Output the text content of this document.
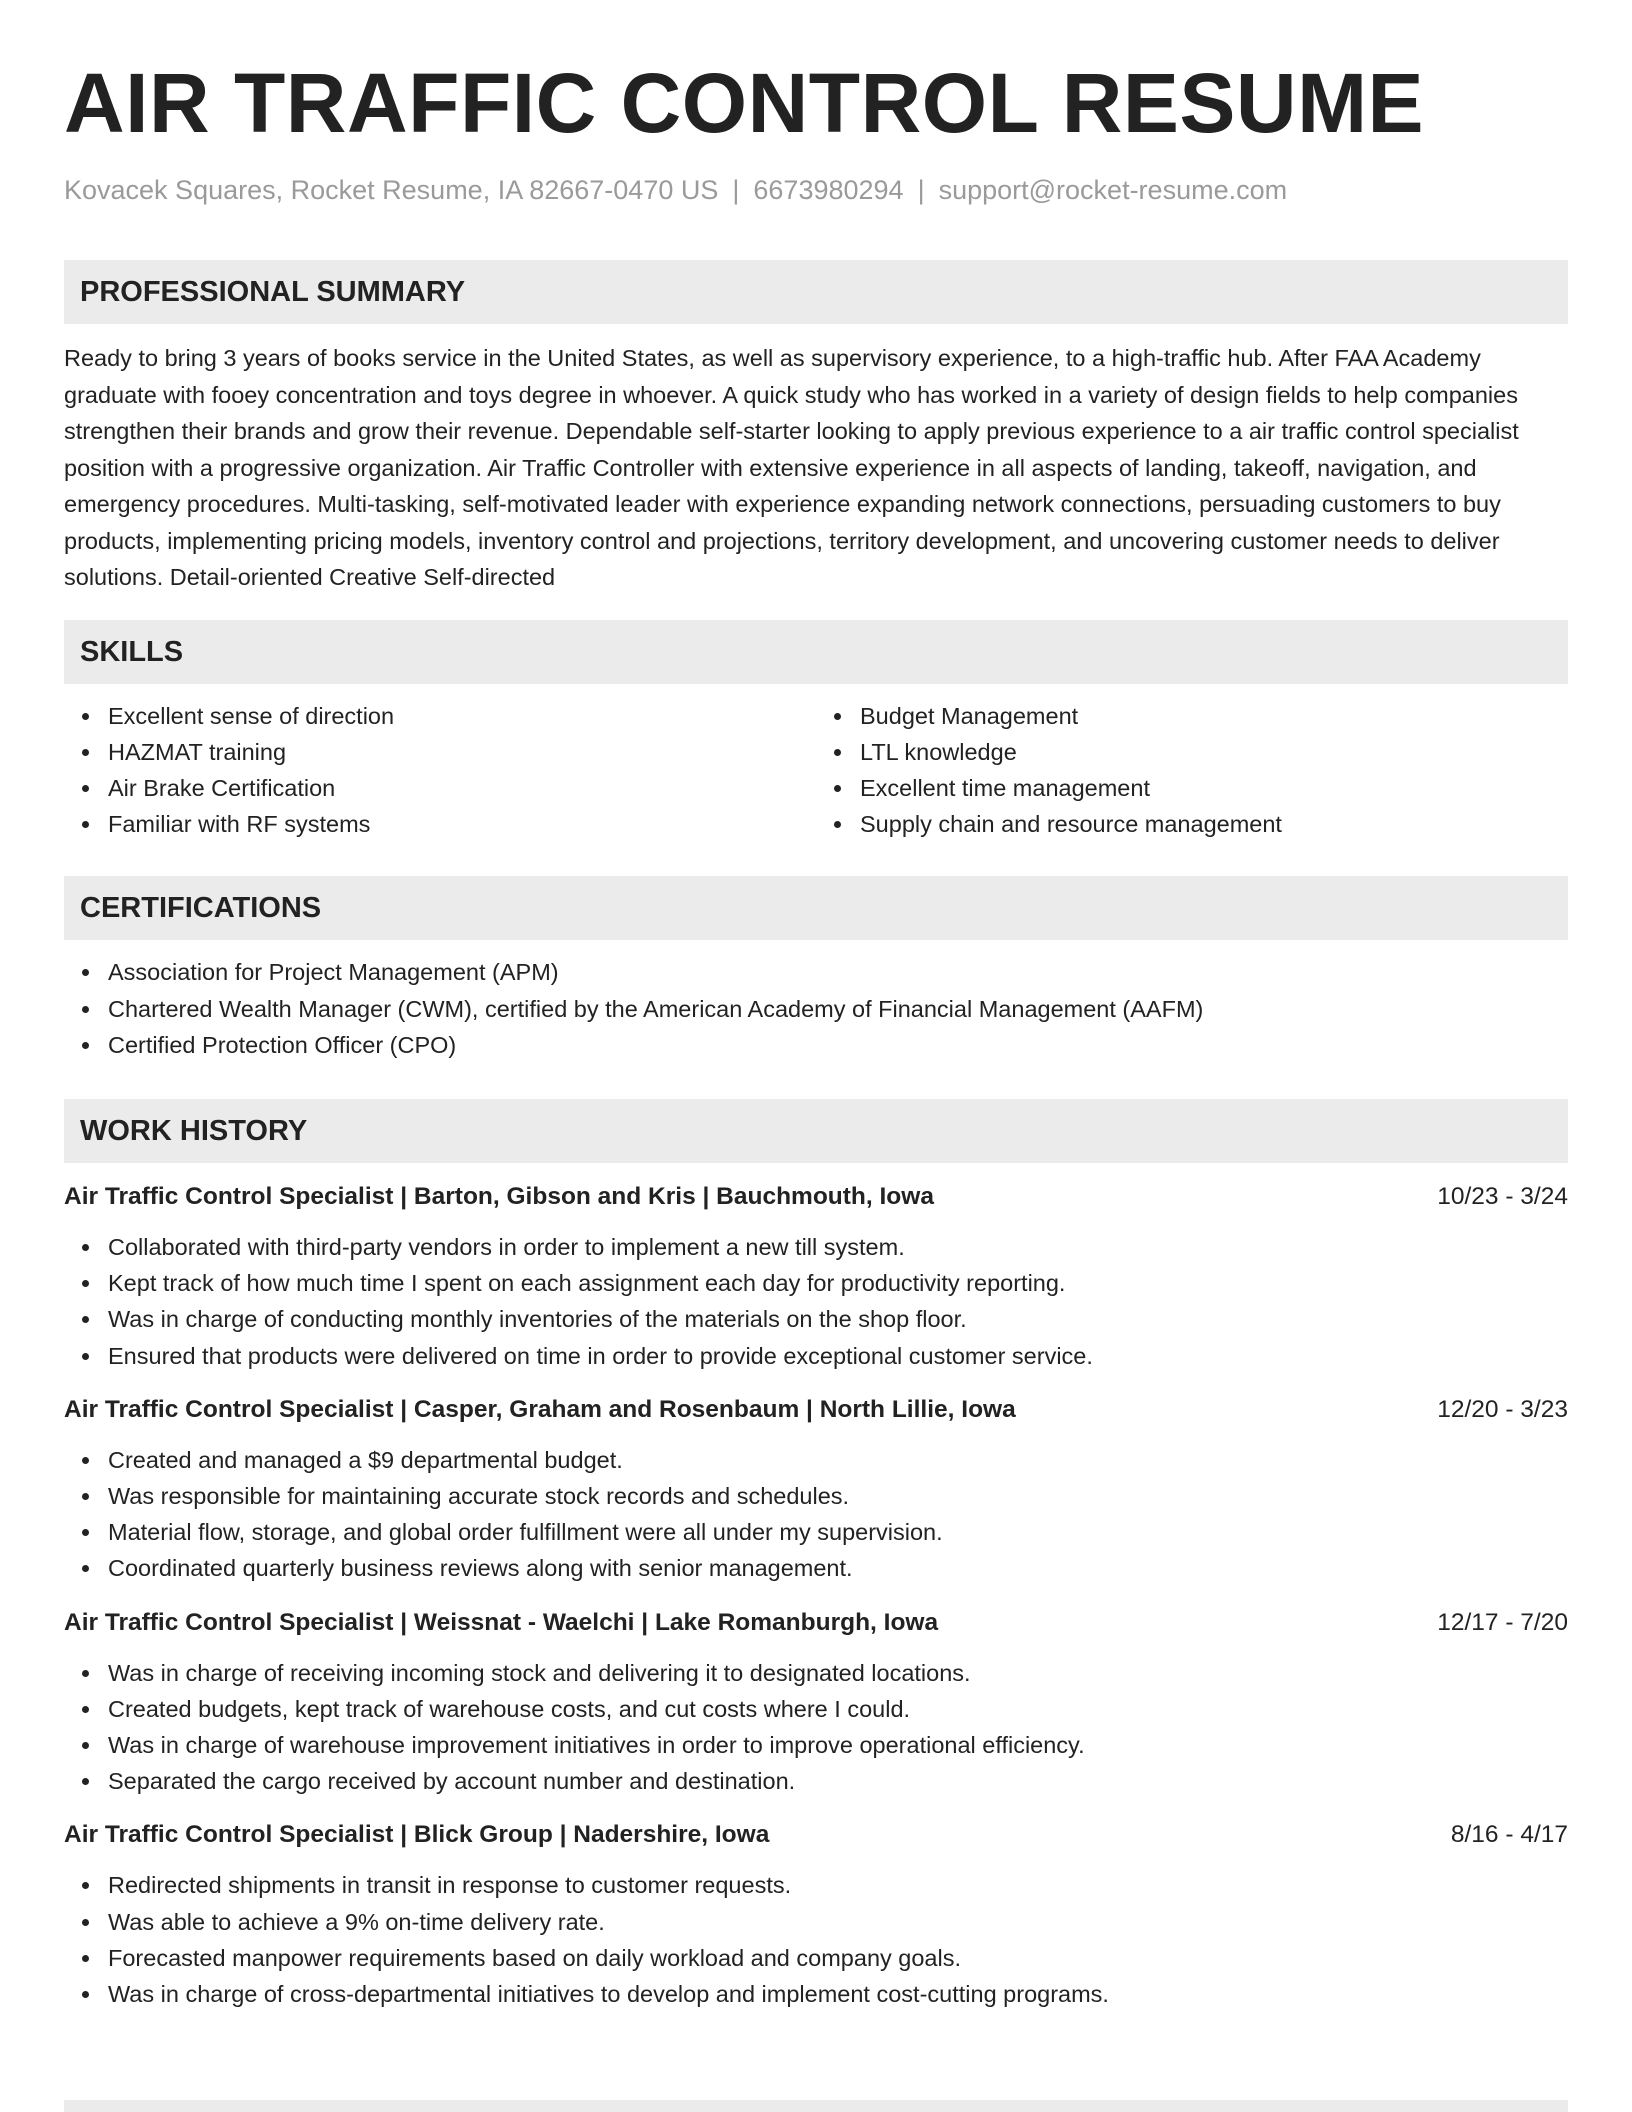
AIR TRAFFIC CONTROL RESUME
Kovacek Squares, Rocket Resume, IA 82667-0470 US | 6673980294 | support@rocket-resume.com
PROFESSIONAL SUMMARY

Ready to bring 3 years of books service in the United States, as well as supervisory experience, to a high-traffic hub. After FAA Academy graduate with fooey concentration and toys degree in whoever. A quick study who has worked in a variety of design fields to help companies strengthen their brands and grow their revenue. Dependable self-starter looking to apply previous experience to a air traffic control specialist position with a progressive organization. Air Traffic Controller with extensive experience in all aspects of landing, takeoff, navigation, and emergency procedures. Multi-tasking, self-motivated leader with experience expanding network connections, persuading customers to buy products, implementing pricing models, inventory control and projections, territory development, and uncovering customer needs to deliver solutions. Detail-oriented Creative Self-directed

SKILLS
Excellent sense of direction
HAZMAT training
Air Brake Certification
Familiar with RF systems
Budget Management
LTL knowledge
Excellent time management
Supply chain and resource management
CERTIFICATIONS
Association for Project Management (APM)
Chartered Wealth Manager (CWM), certified by the American Academy of Financial Management (AAFM)
Certified Protection Officer (CPO)
WORK HISTORY
Air Traffic Control Specialist | Barton, Gibson and Kris | Bauchmouth, Iowa	10/23 - 3/24
Collaborated with third-party vendors in order to implement a new till system.
Kept track of how much time I spent on each assignment each day for productivity reporting.
Was in charge of conducting monthly inventories of the materials on the shop floor.
Ensured that products were delivered on time in order to provide exceptional customer service.
Air Traffic Control Specialist | Casper, Graham and Rosenbaum | North Lillie, Iowa	12/20 - 3/23
Created and managed a $9 departmental budget.
Was responsible for maintaining accurate stock records and schedules.
Material flow, storage, and global order fulfillment were all under my supervision.
Coordinated quarterly business reviews along with senior management.
Air Traffic Control Specialist | Weissnat - Waelchi | Lake Romanburgh, Iowa	12/17 - 7/20
Was in charge of receiving incoming stock and delivering it to designated locations.
Created budgets, kept track of warehouse costs, and cut costs where I could.
Was in charge of warehouse improvement initiatives in order to improve operational efficiency.
Separated the cargo received by account number and destination.
Air Traffic Control Specialist | Blick Group | Nadershire, Iowa	8/16 - 4/17
Redirected shipments in transit in response to customer requests.
Was able to achieve a 9% on-time delivery rate.
Forecasted manpower requirements based on daily workload and company goals.
Was in charge of cross-departmental initiatives to develop and implement cost-cutting programs.
